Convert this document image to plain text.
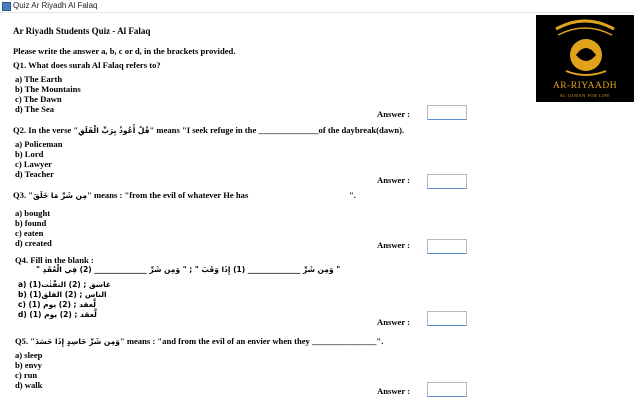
Quiz Ar Riyadh Al Falaq
AR-RIYAADH
AL QURAN FOR LIFE
Ar Riyadh Students Quiz - Al Falaq
Please write the answer a, b, c or d, in the brackets provided.
Q1. What does surah Al Falaq refers to?
a) The Earth
b) The Mountains
c) The Dawn
d) The Sea	Answer :
Q2. In the verse "قُلْ أَعُوذُ بِرَبِّ الْفَلَقِ" means "I seek refuge in the ______________of the daybreak(dawn).
a) Policeman
b) Lord
c) Lawyer
d) Teacher
Answer :
Q3. "مِن شَرِّ مَا خَلَقَ" means : "from the evil of whatever He has	".
a) bought
b) found
c) eaten
d) created	Answer :
Q4. Fill in the blank :
" وَمِن شَرِّ ______________ (1) إِذَا وَقَبَ " ; " وَمِن شَرِّ ______________ (2) فِي الْعُقَدِ "
a) (1)غاسق ; (2) النفّٰثٰت
b) (1)الناس ; (2) الفلق
c) (1) لَّعقد ; (2) يوم
d) (1) لَّعقد ; (2) يوم
Answer :
Q5. "وَمِن شَرِّ حَاسِدٍ إِذَا حَسَدَ" means : "and from the evil of an envier when they _______________".
a) sleep
b) envy
c) run
d) walk
Answer :
